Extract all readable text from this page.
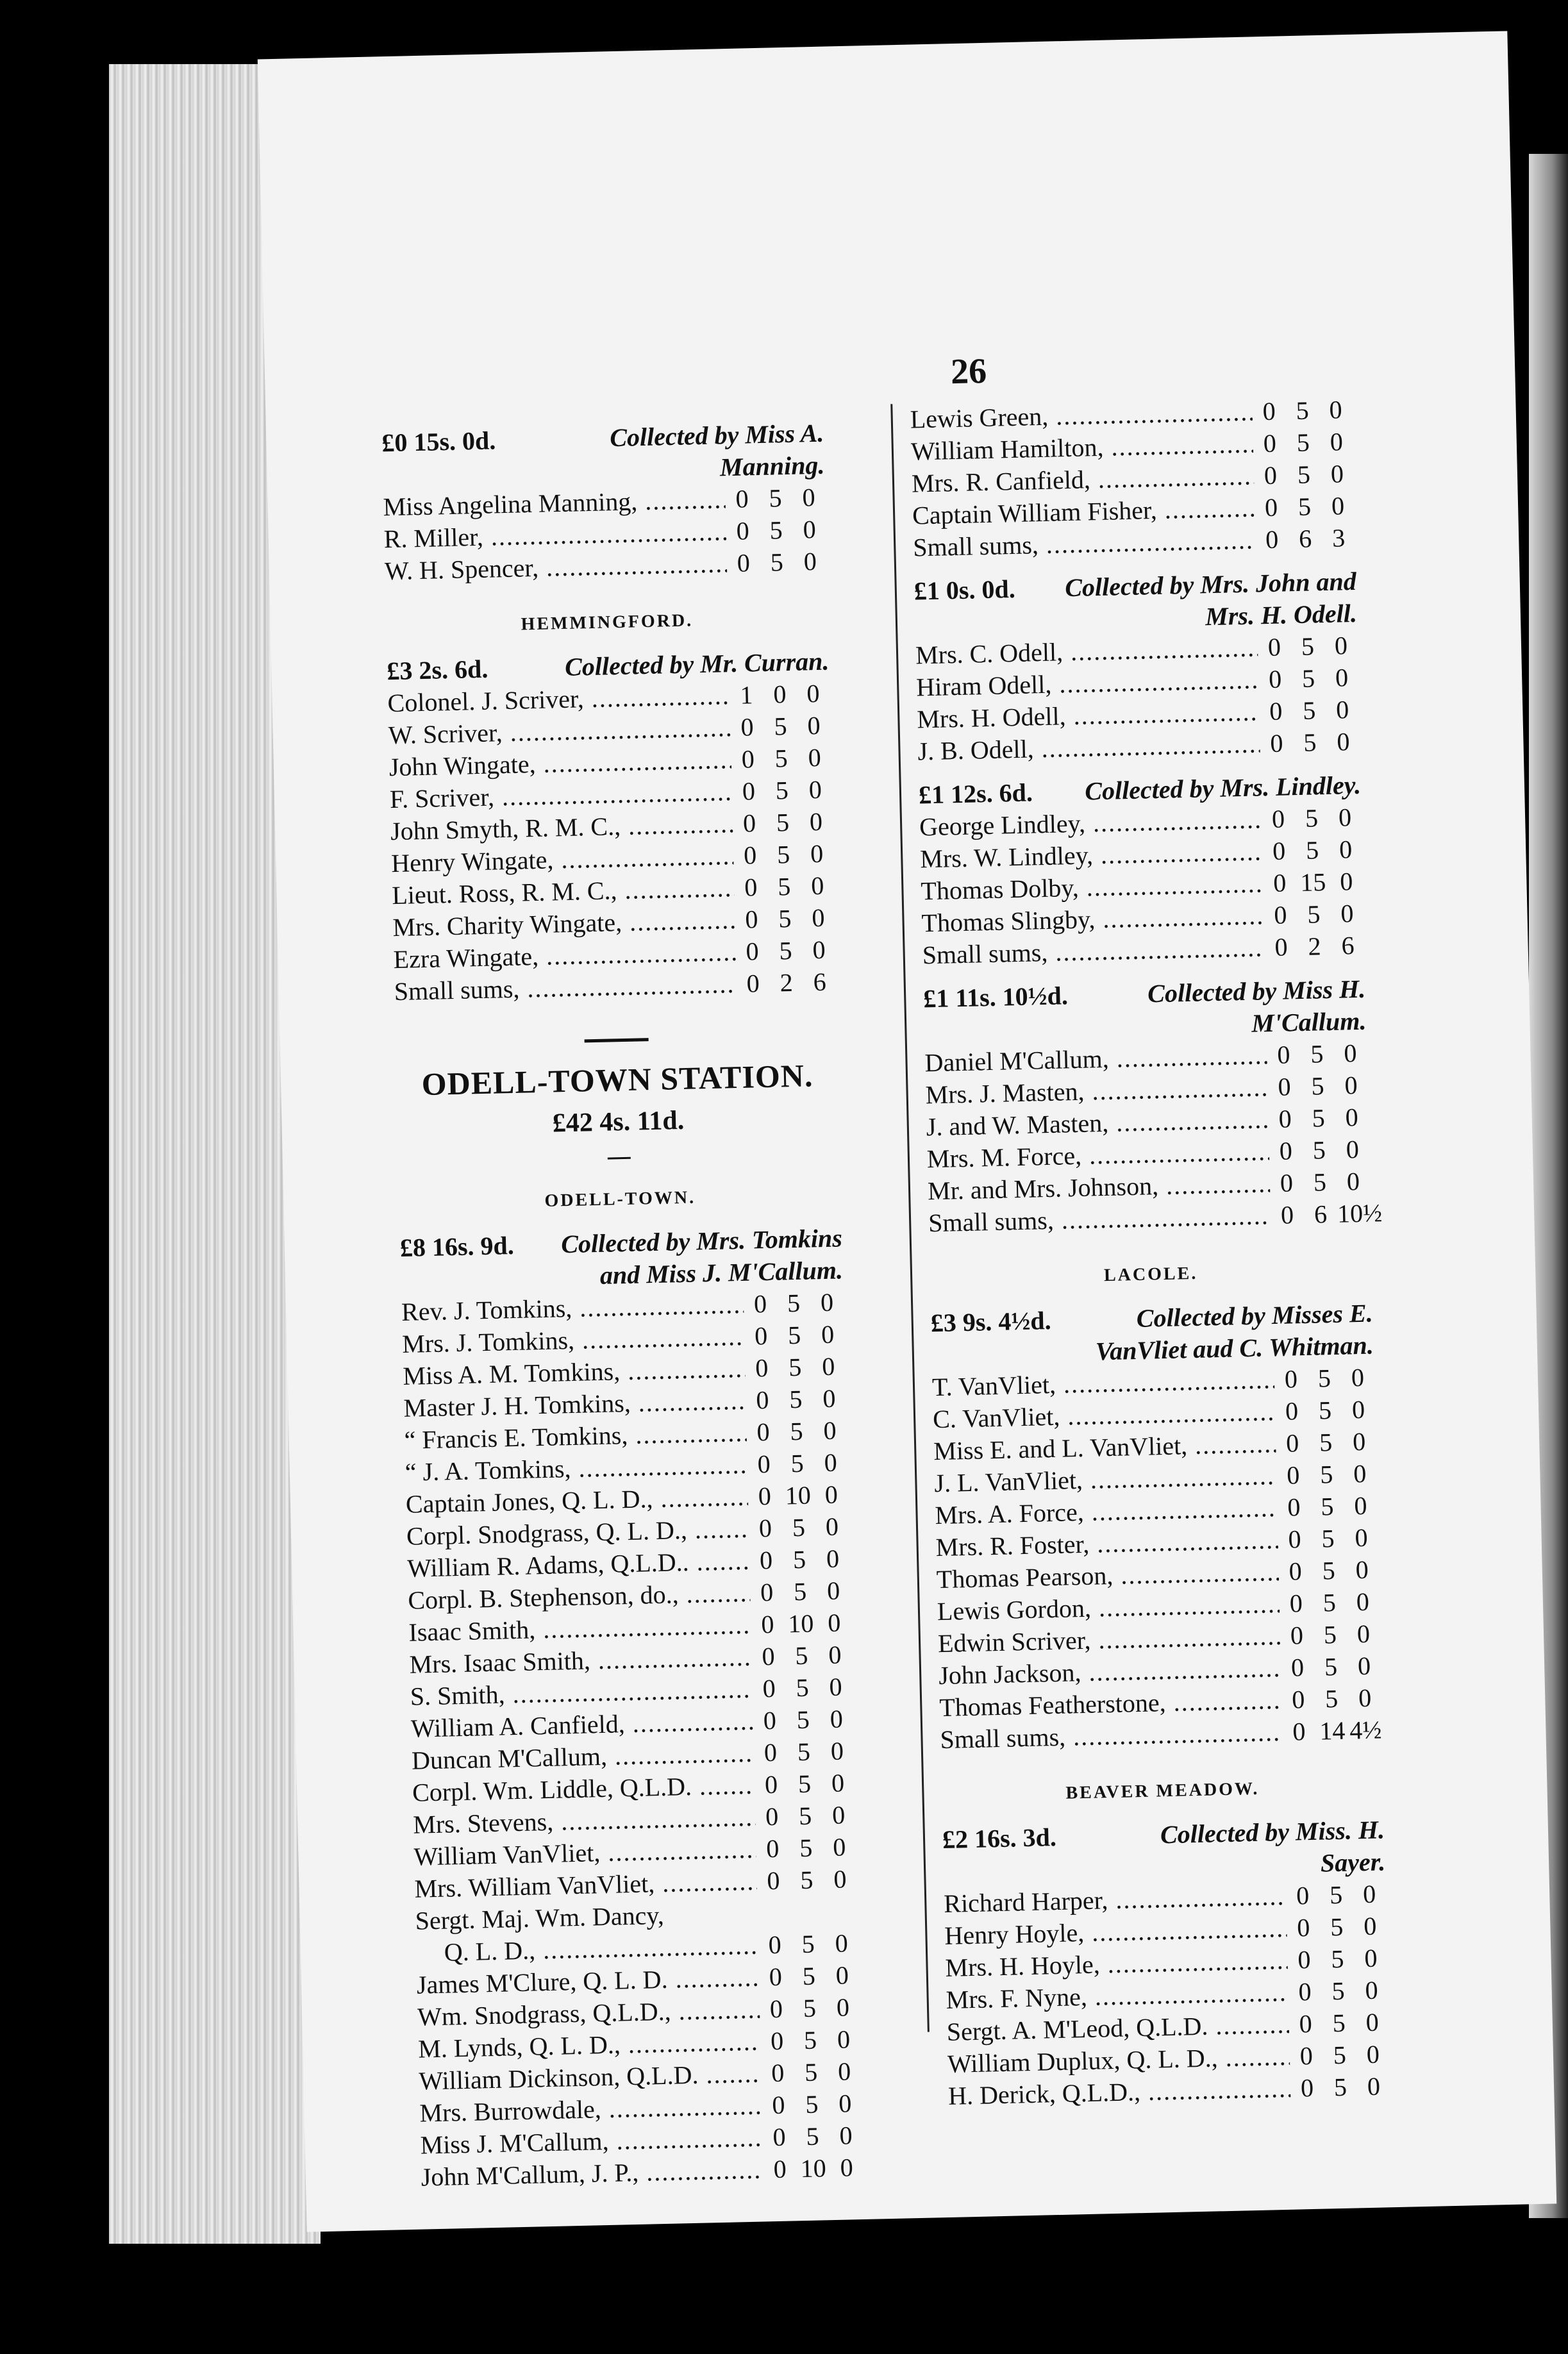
26
£0 15s. 0d.	Collected by Miss A. Manning.
Miss Angelina Manning, .....	0 5 0
R. Miller, .....	0 5 0
W. H. Spencer, .....	0 5 0
HEMMINGFORD.
£3 2s. 6d.	Collected by Mr. Curran.
Colonel. J. Scriver, .....	1 0 0
W. Scriver, .....	0 5 0
John Wingate, .....	0 5 0
F. Scriver, .....	0 5 0
John Smyth, R. M. C., .....	0 5 0
Henry Wingate, .....	0 5 0
Lieut. Ross, R. M. C., .....	0 5 0
Mrs. Charity Wingate, .....	0 5 0
Ezra Wingate, .....	0 5 0
Small sums, .....	0 2 6
ODELL-TOWN STATION.
£42 4s. 11d.
ODELL-TOWN.
£8 16s. 9d.	Collected by Mrs. Tomkins and Miss J. M'Callum.
Rev. J. Tomkins, .....	0 5 0
Mrs. J. Tomkins, .....	0 5 0
Miss A. M. Tomkins, .....	0 5 0
Master J. H. Tomkins, .....	0 5 0
“ Francis E. Tomkins, .....	0 5 0
“ J. A. Tomkins, .....	0 5 0
Captain Jones, Q. L. D., .....	0 10 0
Corpl. Snodgrass, Q. L. D., .....	0 5 0
William R. Adams, Q.L.D.. .....	0 5 0
Corpl. B. Stephenson, do., .....	0 5 0
Isaac Smith, .....	0 10 0
Mrs. Isaac Smith, .....	0 5 0
S. Smith, .....	0 5 0
William A. Canfield, .....	0 5 0
Duncan M'Callum, .....	0 5 0
Corpl. Wm. Liddle, Q.L.D. .....	0 5 0
Mrs. Stevens, .....	0 5 0
William VanVliet, .....	0 5 0
Mrs. William VanVliet, .....	0 5 0
Sergt. Maj. Wm. Dancy,
Q. L. D., .....	0 5 0
James M'Clure, Q. L. D. .....	0 5 0
Wm. Snodgrass, Q.L.D., .....	0 5 0
M. Lynds, Q. L. D., .....	0 5 0
William Dickinson, Q.L.D. .....	0 5 0
Mrs. Burrowdale, .....	0 5 0
Miss J. M'Callum, .....	0 5 0
John M'Callum, J. P., .....	0 10 0
Lewis Green, .....	0 5 0
William Hamilton, .....	0 5 0
Mrs. R. Canfield, .....	0 5 0
Captain William Fisher, .....	0 5 0
Small sums, .....	0 6 3
£1 0s. 0d.	Collected by Mrs. John and Mrs. H. Odell.
Mrs. C. Odell, .....	0 5 0
Hiram Odell, .....	0 5 0
Mrs. H. Odell, .....	0 5 0
J. B. Odell, .....	0 5 0
£1 12s. 6d.	Collected by Mrs. Lindley.
George Lindley, .....	0 5 0
Mrs. W. Lindley, .....	0 5 0
Thomas Dolby, .....	0 15 0
Thomas Slingby, .....	0 5 0
Small sums, .....	0 2 6
£1 11s. 10½d.	Collected by Miss H. M'Callum.
Daniel M'Callum, .....	0 5 0
Mrs. J. Masten, .....	0 5 0
J. and W. Masten, .....	0 5 0
Mrs. M. Force, .....	0 5 0
Mr. and Mrs. Johnson, .....	0 5 0
Small sums, .....	0 6 10½
LACOLE.
£3 9s. 4½d.	Collected by Misses E. VanVliet aud C. Whitman.
T. VanVliet, .....	0 5 0
C. VanVliet, .....	0 5 0
Miss E. and L. VanVliet, .....	0 5 0
J. L. VanVliet, .....	0 5 0
Mrs. A. Force, .....	0 5 0
Mrs. R. Foster, .....	0 5 0
Thomas Pearson, .....	0 5 0
Lewis Gordon, .....	0 5 0
Edwin Scriver, .....	0 5 0
John Jackson, .....	0 5 0
Thomas Featherstone, .....	0 5 0
Small sums, .....	0 14 4½
BEAVER MEADOW.
£2 16s. 3d.	Collected by Miss. H. Sayer.
Richard Harper, .....	0 5 0
Henry Hoyle, .....	0 5 0
Mrs. H. Hoyle, .....	0 5 0
Mrs. F. Nyne, .....	0 5 0
Sergt. A. M'Leod, Q.L.D. .....	0 5 0
William Duplux, Q. L. D., .....	0 5 0
H. Derick, Q.L.D., .....	0 5 0
